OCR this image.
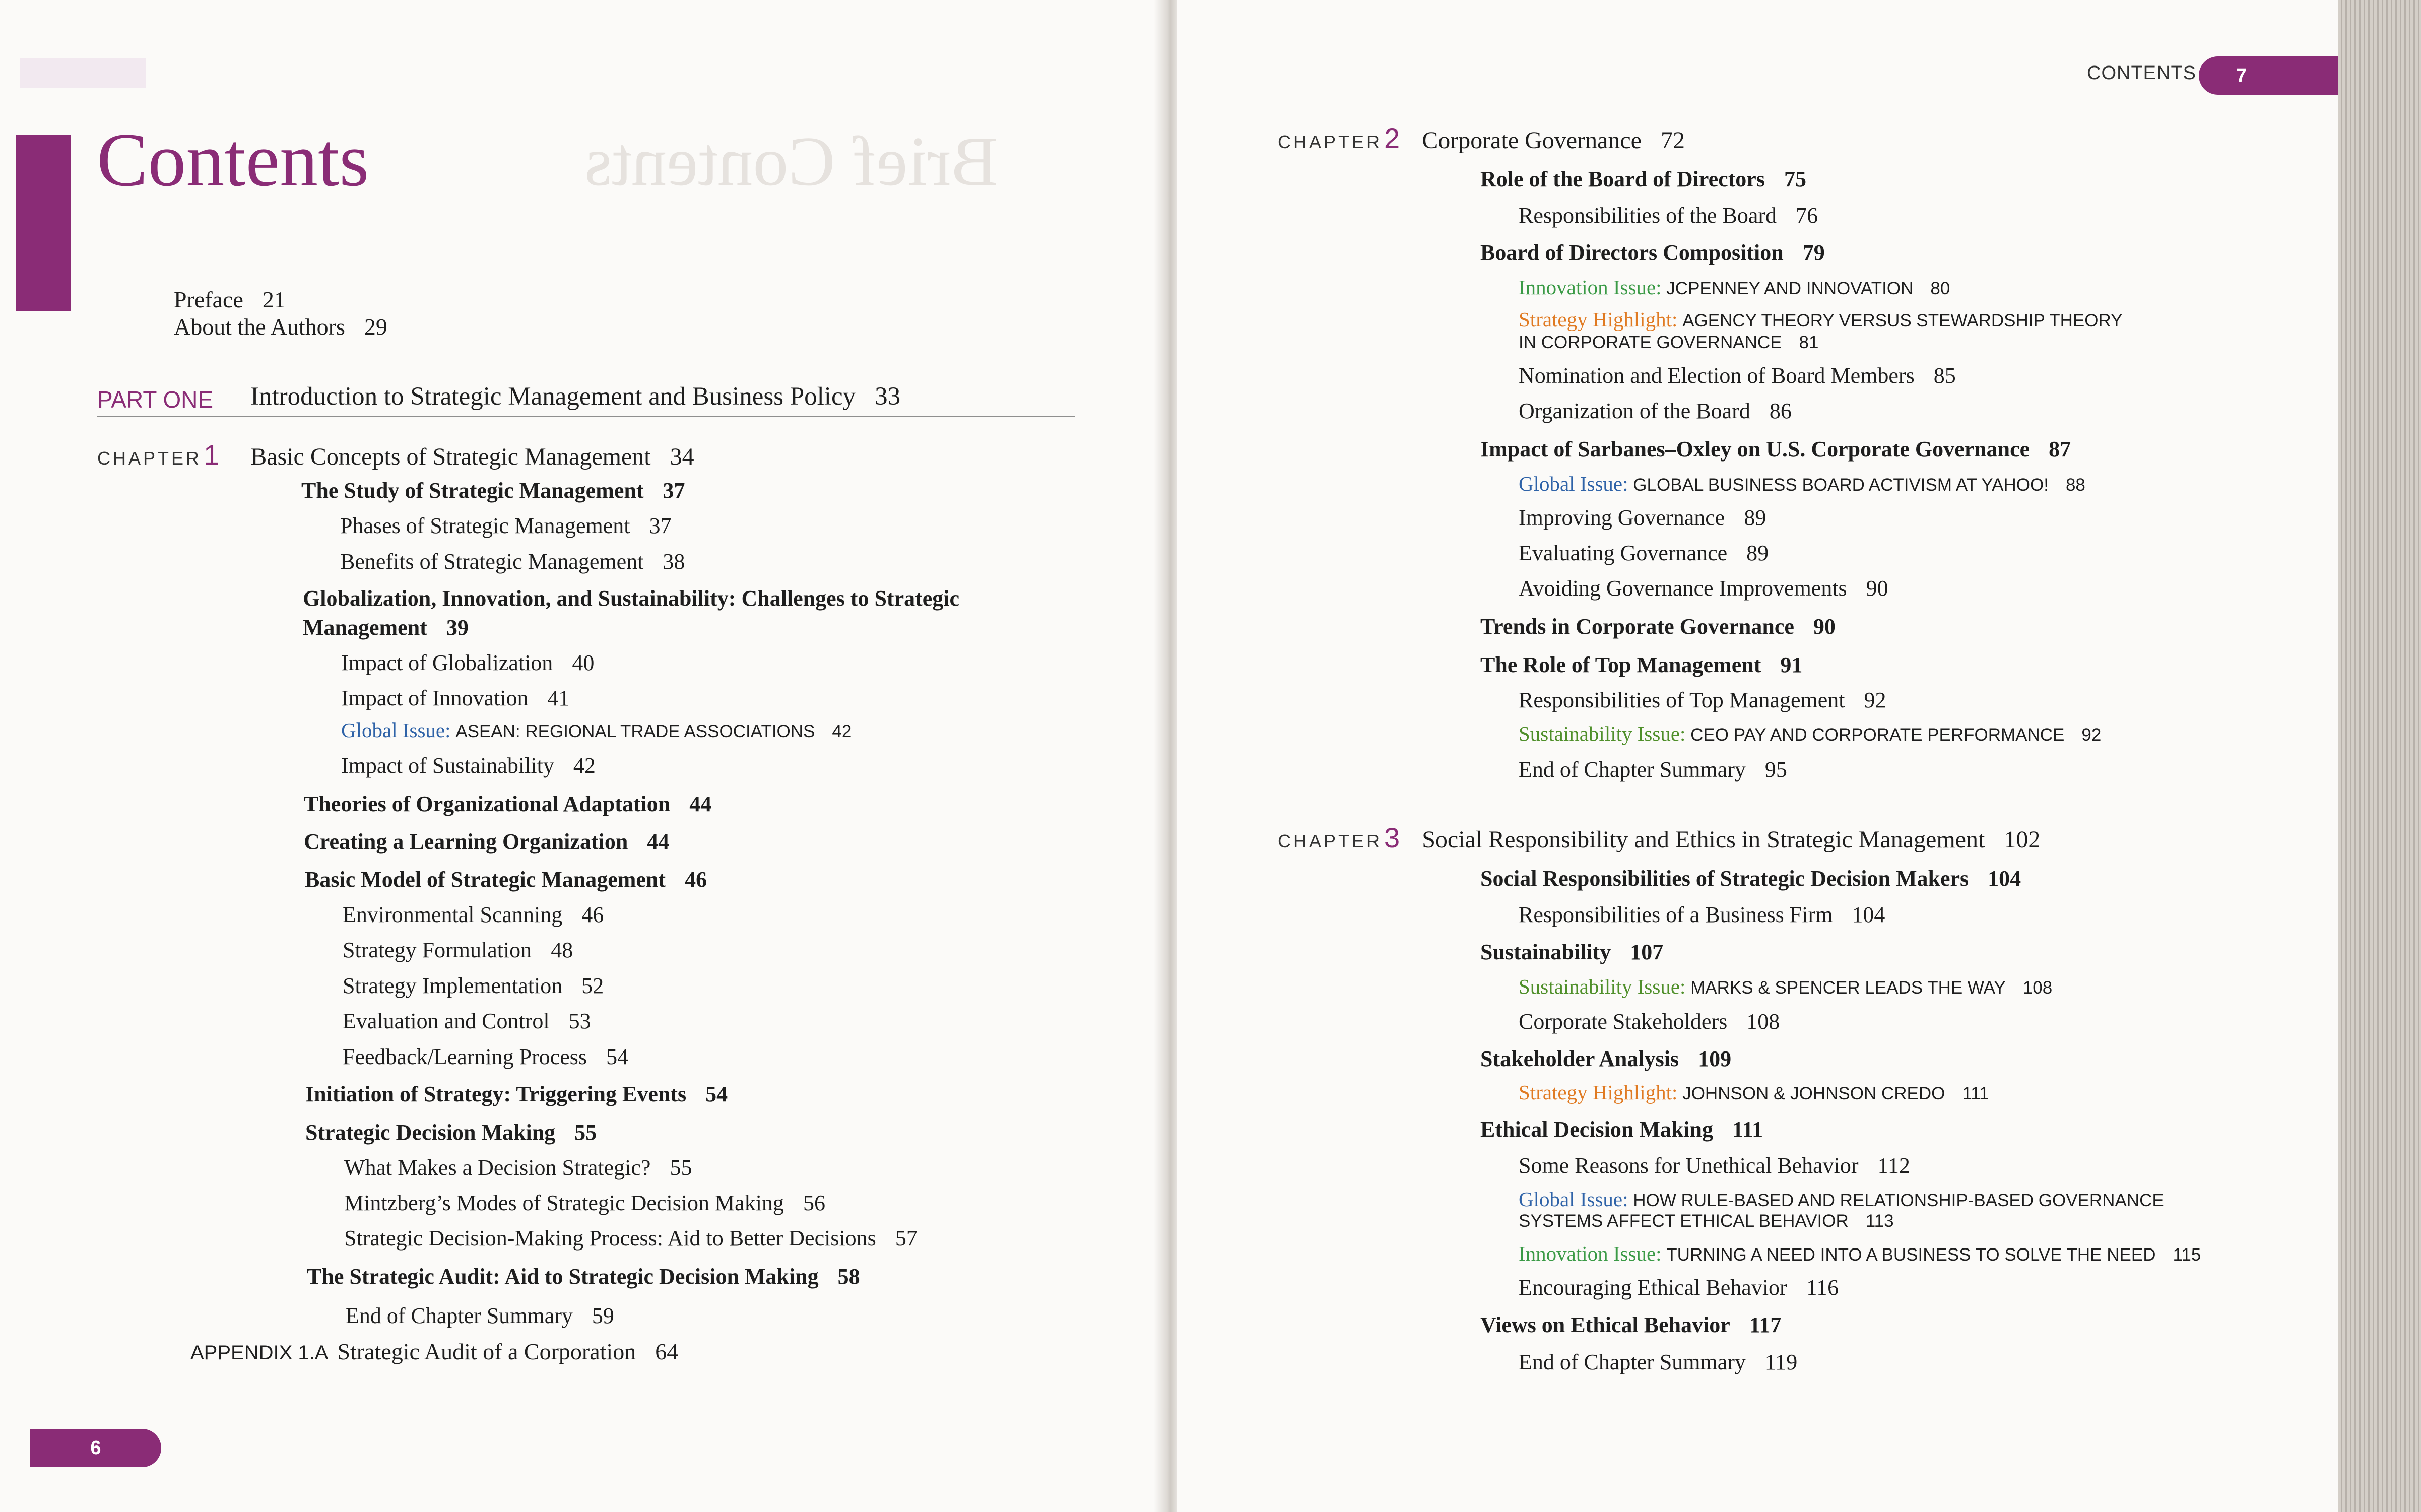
Contents	Brief Contents
Preface 21
About the Authors 29
PART ONE Introduction to Strategic Management and Business Policy 33
CHAPTER 1 Basic Concepts of Strategic Management 34
The Study of Strategic Management 37
Phases of Strategic Management 37
Benefits of Strategic Management 38
Globalization, Innovation, and Sustainability: Challenges to Strategic
Management 39
Impact of Globalization 40
Impact of Innovation 41
Global Issue: ASEAN: REGIONAL TRADE ASSOCIATIONS 42
Impact of Sustainability 42
Theories of Organizational Adaptation 44
Creating a Learning Organization 44
Basic Model of Strategic Management 46
Environmental Scanning 46
Strategy Formulation 48
Strategy Implementation 52
Evaluation and Control 53
Feedback/Learning Process 54
Initiation of Strategy: Triggering Events 54
Strategic Decision Making 55
What Makes a Decision Strategic? 55
Mintzberg’s Modes of Strategic Decision Making 56
Strategic Decision-Making Process: Aid to Better Decisions 57
The Strategic Audit: Aid to Strategic Decision Making 58
End of Chapter Summary 59
APPENDIX 1.A Strategic Audit of a Corporation 64
6
CONTENTS	7
CHAPTER 2 Corporate Governance 72
Role of the Board of Directors 75
Responsibilities of the Board 76
Board of Directors Composition 79
Innovation Issue: JCPENNEY AND INNOVATION 80
Strategy Highlight: AGENCY THEORY VERSUS STEWARDSHIP THEORY
IN CORPORATE GOVERNANCE 81
Nomination and Election of Board Members 85
Organization of the Board 86
Impact of Sarbanes–Oxley on U.S. Corporate Governance 87
Global Issue: GLOBAL BUSINESS BOARD ACTIVISM AT YAHOO! 88
Improving Governance 89
Evaluating Governance 89
Avoiding Governance Improvements 90
Trends in Corporate Governance 90
The Role of Top Management 91
Responsibilities of Top Management 92
Sustainability Issue: CEO PAY AND CORPORATE PERFORMANCE 92
End of Chapter Summary 95
CHAPTER 3 Social Responsibility and Ethics in Strategic Management 102
Social Responsibilities of Strategic Decision Makers 104
Responsibilities of a Business Firm 104
Sustainability 107
Sustainability Issue: MARKS & SPENCER LEADS THE WAY 108
Corporate Stakeholders 108
Stakeholder Analysis 109
Strategy Highlight: JOHNSON & JOHNSON CREDO 111
Ethical Decision Making 111
Some Reasons for Unethical Behavior 112
Global Issue: HOW RULE-BASED AND RELATIONSHIP-BASED GOVERNANCE
SYSTEMS AFFECT ETHICAL BEHAVIOR 113
Innovation Issue: TURNING A NEED INTO A BUSINESS TO SOLVE THE NEED 115
Encouraging Ethical Behavior 116
Views on Ethical Behavior 117
End of Chapter Summary 119
